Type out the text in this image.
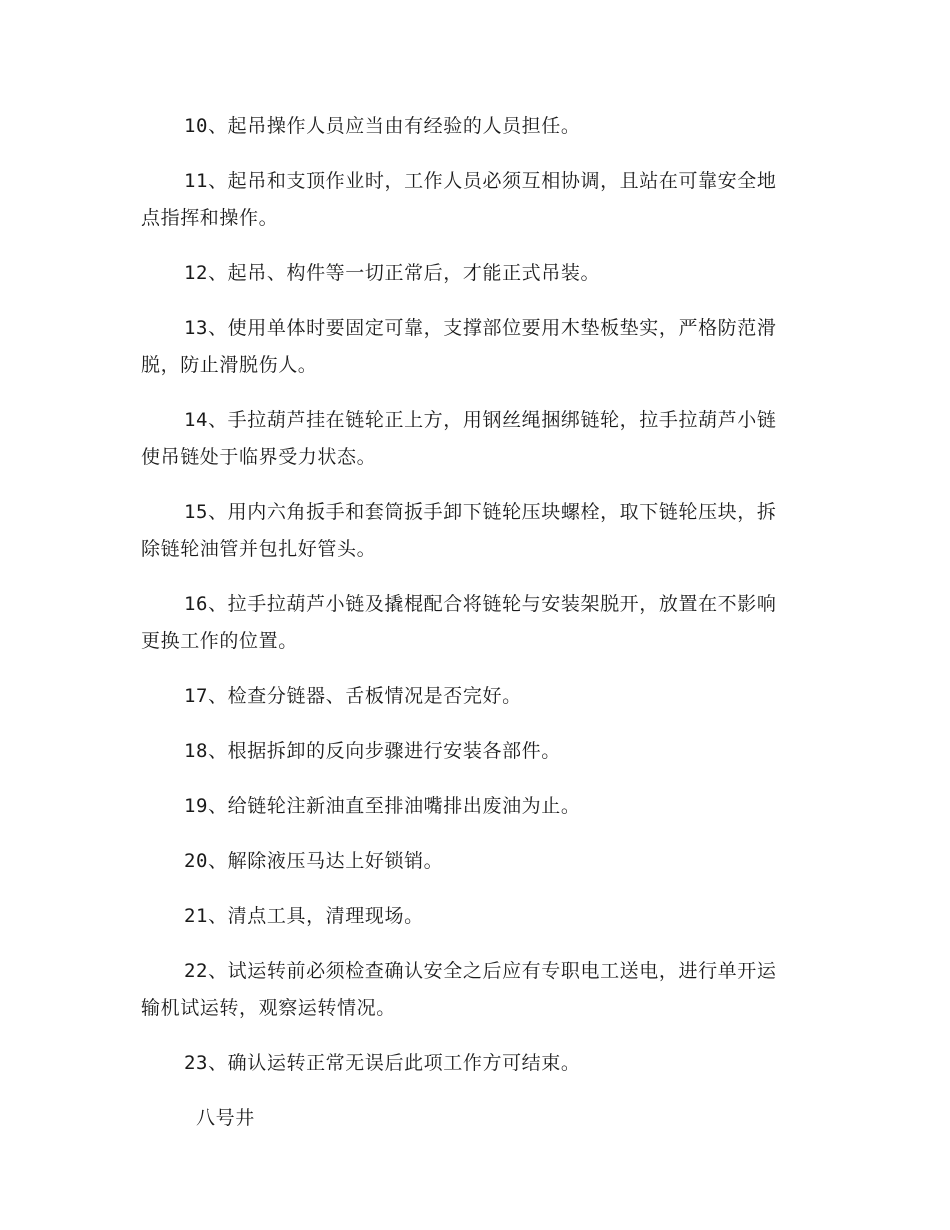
10、起吊操作人员应当由有经验的人员担任。

11、起吊和支顶作业时，工作人员必须互相协调，且站在可靠安全地点指挥和操作。

12、起吊、构件等一切正常后，才能正式吊装。

13、使用单体时要固定可靠，支撑部位要用木垫板垫实，严格防范滑脱，防止滑脱伤人。

14、手拉葫芦挂在链轮正上方，用钢丝绳捆绑链轮，拉手拉葫芦小链使吊链处于临界受力状态。

15、用内六角扳手和套筒扳手卸下链轮压块螺栓，取下链轮压块，拆除链轮油管并包扎好管头。

16、拉手拉葫芦小链及撬棍配合将链轮与安装架脱开，放置在不影响更换工作的位置。

17、检查分链器、舌板情况是否完好。

18、根据拆卸的反向步骤进行安装各部件。

19、给链轮注新油直至排油嘴排出废油为止。

20、解除液压马达上好锁销。

21、清点工具，清理现场。

22、试运转前必须检查确认安全之后应有专职电工送电，进行单开运输机试运转，观察运转情况。

23、确认运转正常无误后此项工作方可结束。

八号井
